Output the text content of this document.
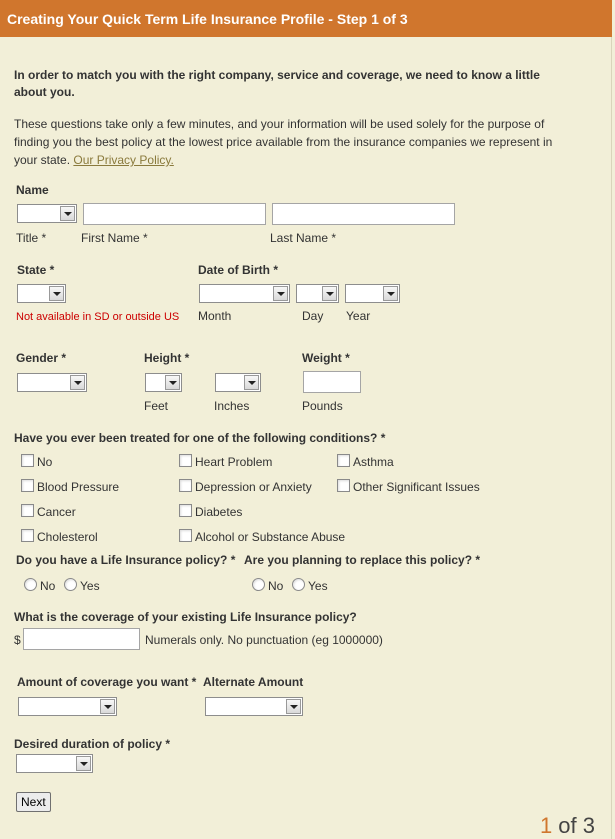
Creating Your Quick Term Life Insurance Profile - Step 1 of 3
In order to match you with the right company, service and coverage, we need to know a little about you.
These questions take only a few minutes, and your information will be used solely for the purpose of finding you the best policy at the lowest price available from the insurance companies we represent in your state. Our Privacy Policy.
Name
Title *	First Name *	Last Name *
State *	Date of Birth *
Not available in SD or outside US Month	Day Year
Gender *	Height *	Weight *
Feet	Inches	Pounds
Have you ever been treated for one of the following conditions? *
No	Heart Problem	Asthma
Blood Pressure	Depression or Anxiety	Other Significant Issues
Cancer	Diabetes
Cholesterol	Alcohol or Substance Abuse
Do you have a Life Insurance policy? * Are you planning to replace this policy? *
No Yes	No Yes
What is the coverage of your existing Life Insurance policy?
$	Numerals only. No punctuation (eg 1000000)
Amount of coverage you want * Alternate Amount
Desired duration of policy *
Next
1 of 3
